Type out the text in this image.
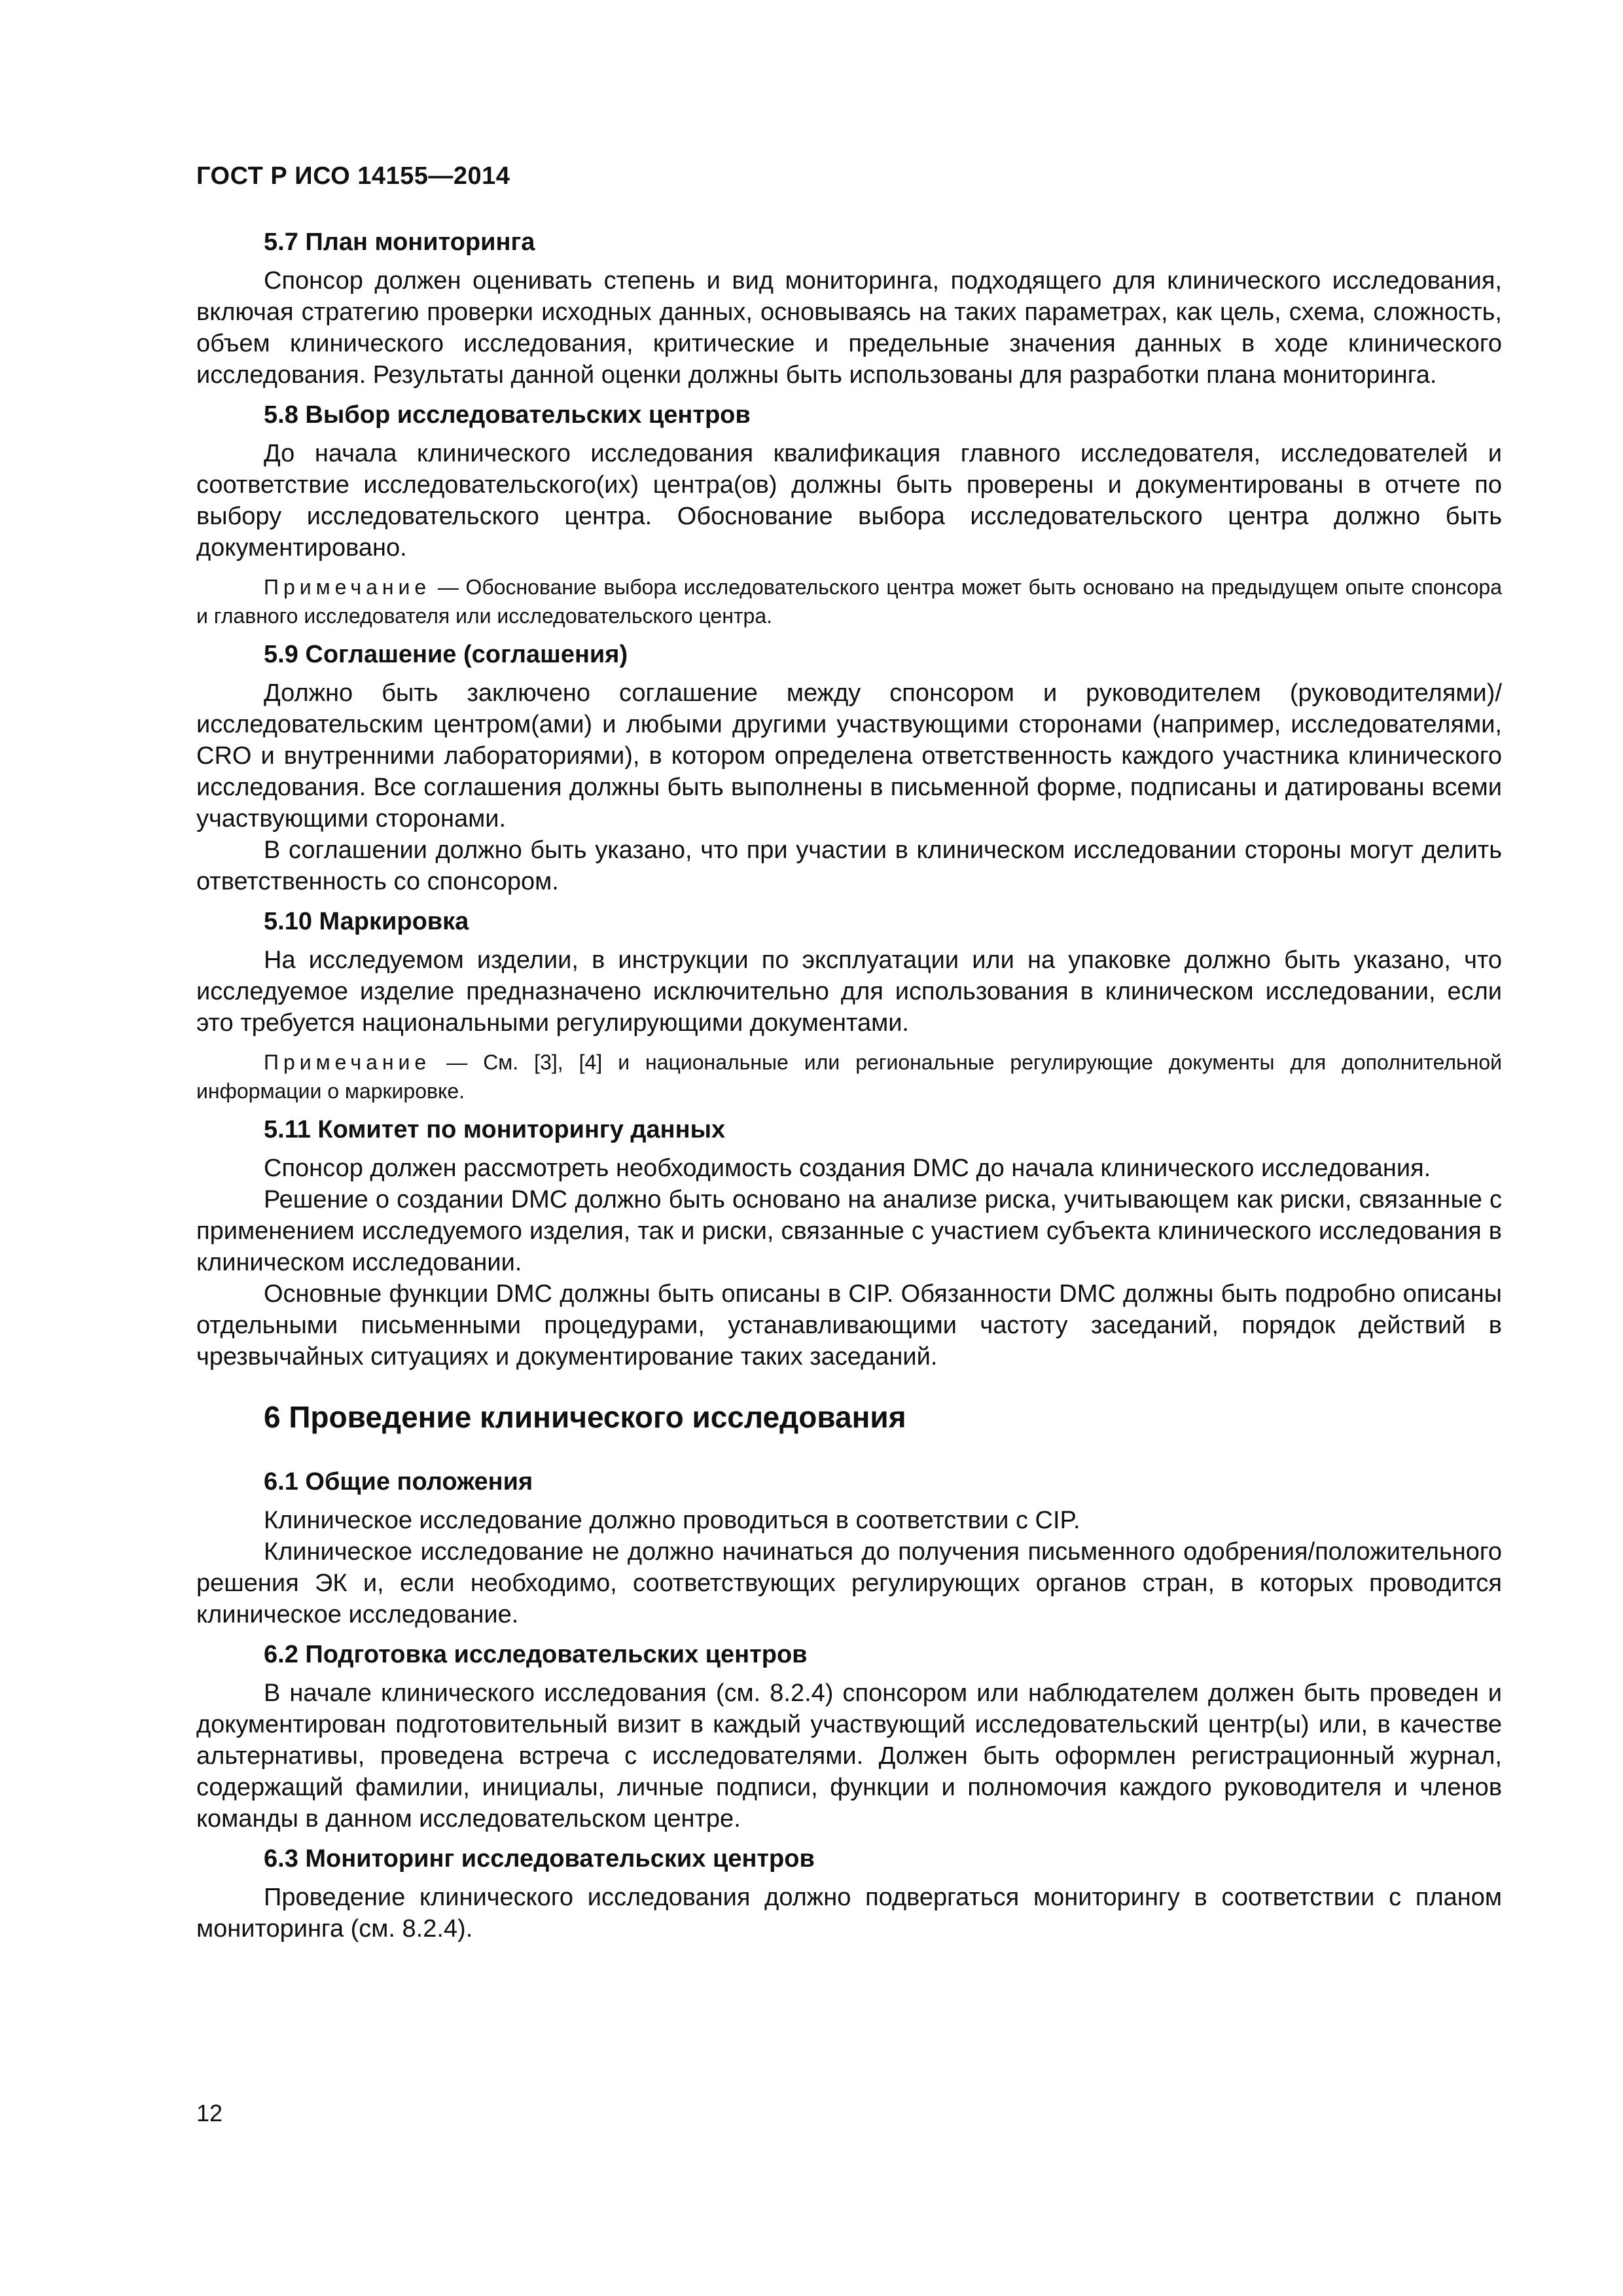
ГОСТ Р ИСО 14155—2014
5.7 План мониторинга

Спонсор должен оценивать степень и вид мониторинга, подходящего для клинического исследования, включая стратегию проверки исходных данных, основываясь на таких параметрах, как цель, схема, сложность, объем клинического исследования, критические и предельные значения данных в ходе клинического исследования. Результаты данной оценки должны быть использованы для разработки плана мониторинга.

5.8 Выбор исследовательских центров

До начала клинического исследования квалификация главного исследователя, исследователей и соответствие исследовательского(их) центра(ов) должны быть проверены и документированы в отчете по выбору исследовательского центра. Обоснование выбора исследовательского центра должно быть документировано.

Примечание — Обоснование выбора исследовательского центра может быть основано на предыдущем опыте спонсора и главного исследователя или исследовательского центра.

5.9 Соглашение (соглашения)

Должно быть заключено соглашение между спонсором и руководителем (руководителями)/исследовательским центром(ами) и любыми другими участвующими сторонами (например, исследователями, CRO и внутренними лабораториями), в котором определена ответственность каждого участника клинического исследования. Все соглашения должны быть выполнены в письменной форме, подписаны и датированы всеми участвующими сторонами.

В соглашении должно быть указано, что при участии в клиническом исследовании стороны могут делить ответственность со спонсором.

5.10 Маркировка

На исследуемом изделии, в инструкции по эксплуатации или на упаковке должно быть указано, что исследуемое изделие предназначено исключительно для использования в клиническом исследовании, если это требуется национальными регулирующими документами.

Примечание — См. [3], [4] и национальные или региональные регулирующие документы для дополнительной информации о маркировке.

5.11 Комитет по мониторингу данных

Спонсор должен рассмотреть необходимость создания DMC до начала клинического исследования.

Решение о создании DMC должно быть основано на анализе риска, учитывающем как риски, связанные с применением исследуемого изделия, так и риски, связанные с участием субъекта клинического исследования в клиническом исследовании.

Основные функции DMC должны быть описаны в CIP. Обязанности DMC должны быть подробно описаны отдельными письменными процедурами, устанавливающими частоту заседаний, порядок действий в чрезвычайных ситуациях и документирование таких заседаний.

6 Проведение клинического исследования
6.1 Общие положения

Клиническое исследование должно проводиться в соответствии с CIP.

Клиническое исследование не должно начинаться до получения письменного одобрения/положительного решения ЭК и, если необходимо, соответствующих регулирующих органов стран, в которых проводится клиническое исследование.

6.2 Подготовка исследовательских центров

В начале клинического исследования (см. 8.2.4) спонсором или наблюдателем должен быть проведен и документирован подготовительный визит в каждый участвующий исследовательский центр(ы) или, в качестве альтернативы, проведена встреча с исследователями. Должен быть оформлен регистрационный журнал, содержащий фамилии, инициалы, личные подписи, функции и полномочия каждого руководителя и членов команды в данном исследовательском центре.

6.3 Мониторинг исследовательских центров

Проведение клинического исследования должно подвергаться мониторингу в соответствии с планом мониторинга (см. 8.2.4).

12
